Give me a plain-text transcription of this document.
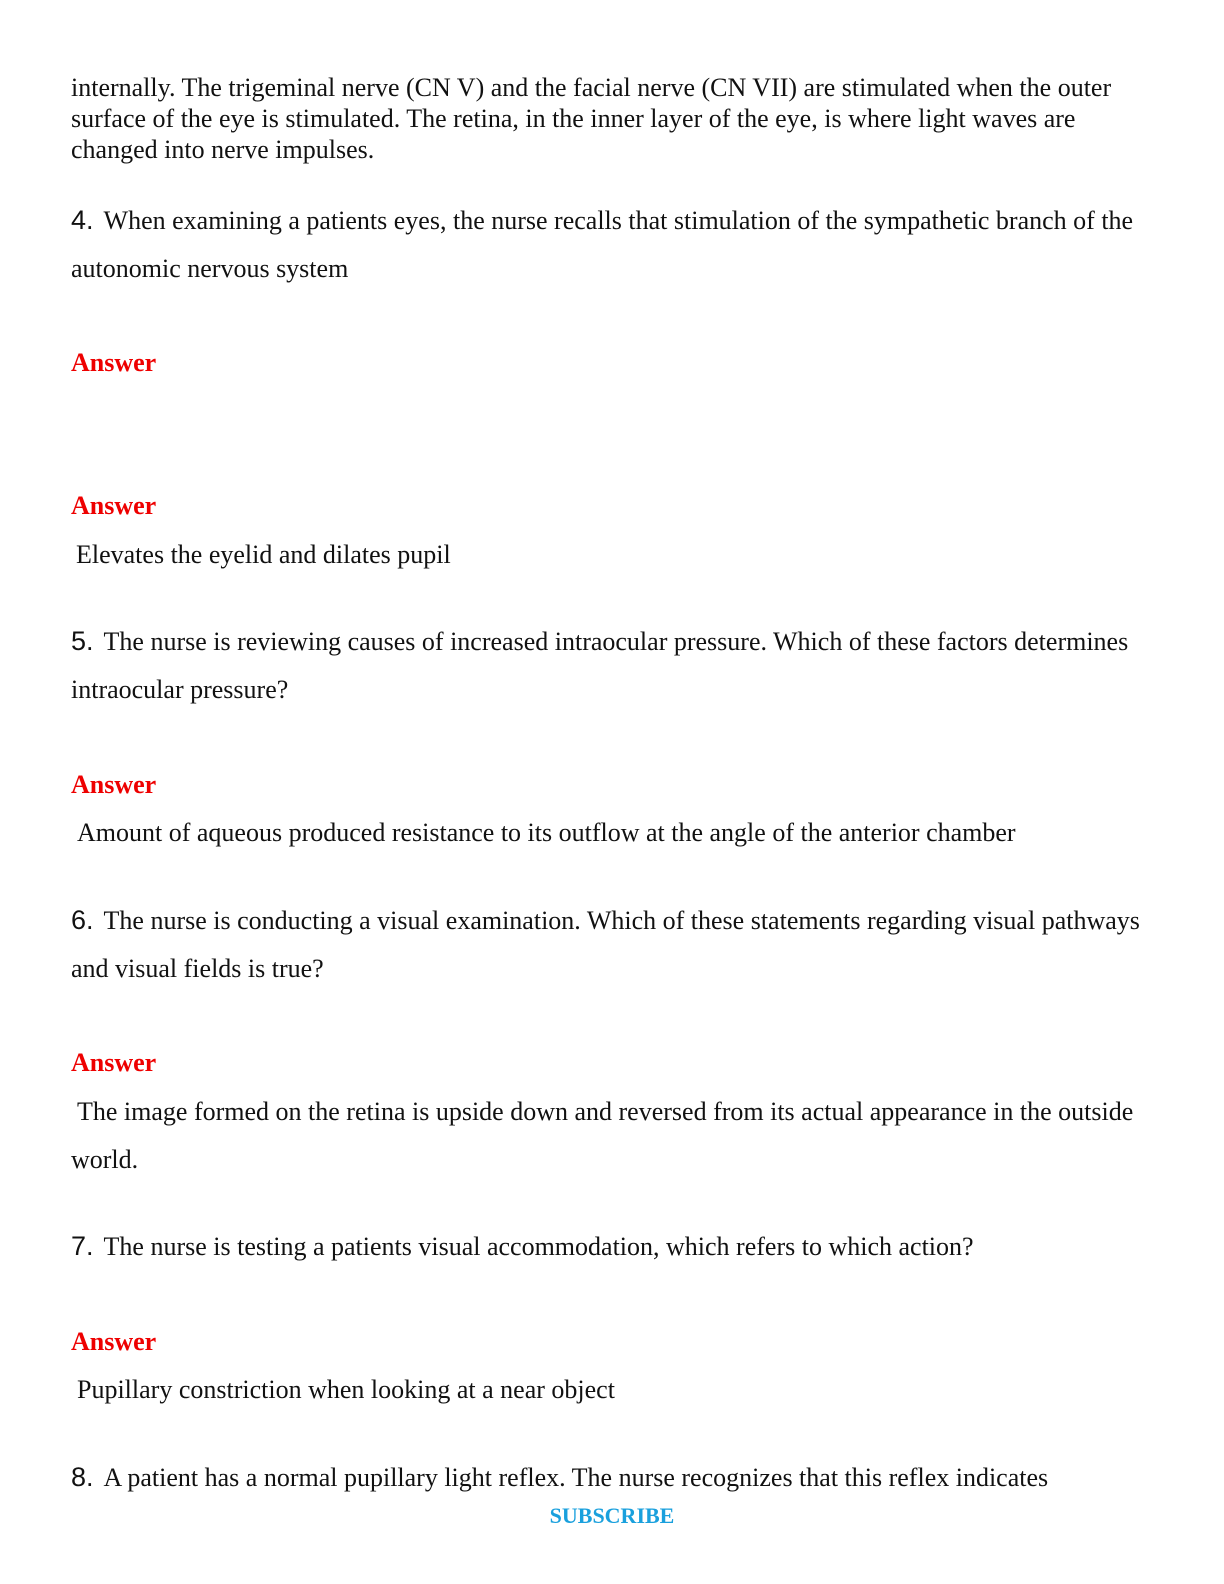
internally. The trigeminal nerve (CN V) and the facial nerve (CN VII) are stimulated when the outer surface of the eye is stimulated. The retina, in the inner layer of the eye, is where light waves are changed into nerve impulses.
4. When examining a patients eyes, the nurse recalls that stimulation of the sympathetic branch of the autonomic nervous system
Answer
Answer
Elevates the eyelid and dilates pupil
5. The nurse is reviewing causes of increased intraocular pressure. Which of these factors determines intraocular pressure?
Answer
Amount of aqueous produced resistance to its outflow at the angle of the anterior chamber
6. The nurse is conducting a visual examination. Which of these statements regarding visual pathways and visual fields is true?
Answer
The image formed on the retina is upside down and reversed from its actual appearance in the outside world.
7. The nurse is testing a patients visual accommodation, which refers to which action?
Answer
Pupillary constriction when looking at a near object
8. A patient has a normal pupillary light reflex. The nurse recognizes that this reflex indicates
SUBSCRIBE
